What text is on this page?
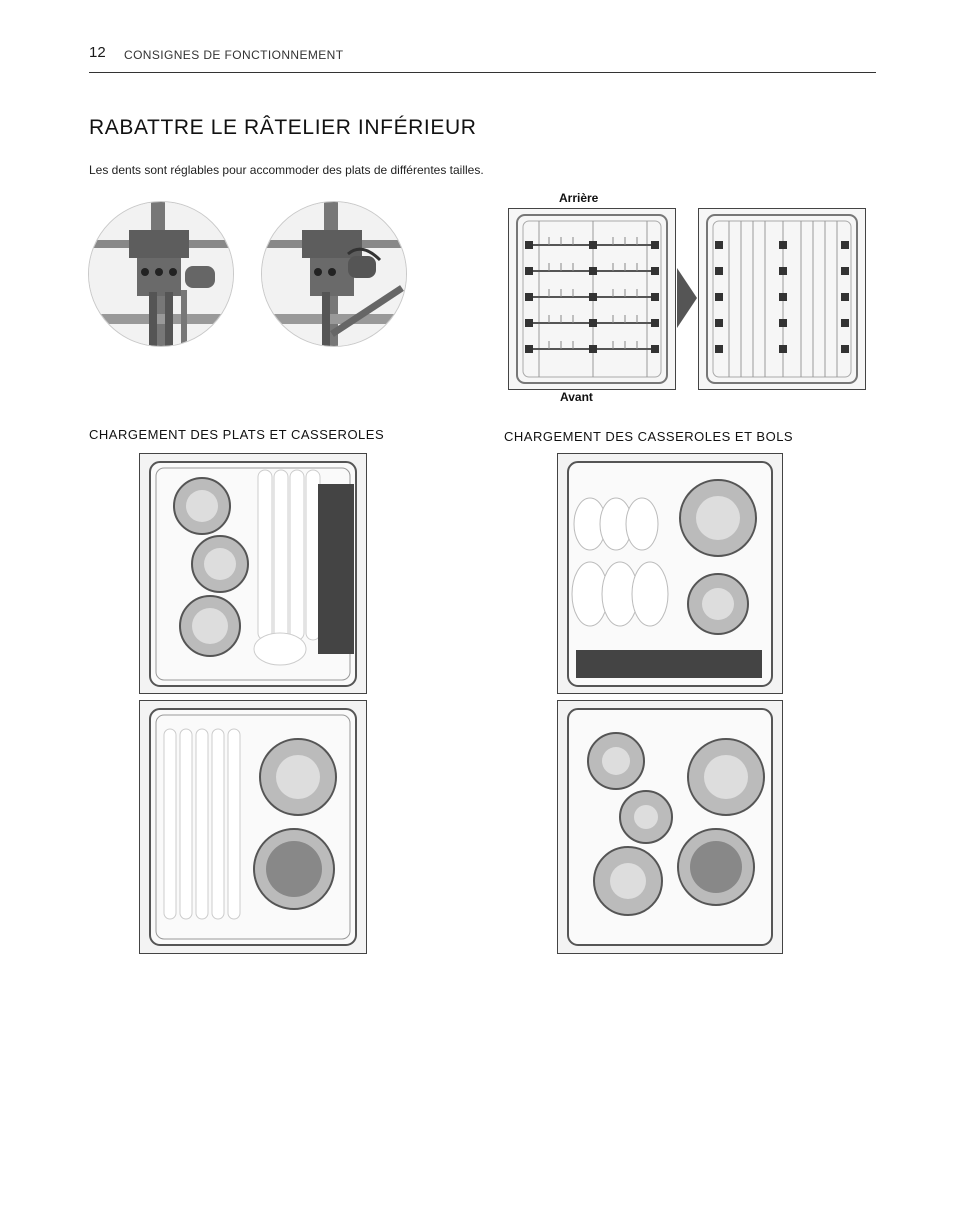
12 CONSIGNES DE FONCTIONNEMENT
RABATTRE LE RÂTELIER INFÉRIEUR
Les dents sont réglables pour accommoder des plats de différentes tailles.
Arrière
Avant
CHARGEMENT DES PLATS ET CASSEROLES	CHARGEMENT DES CASSEROLES ET BOLS
